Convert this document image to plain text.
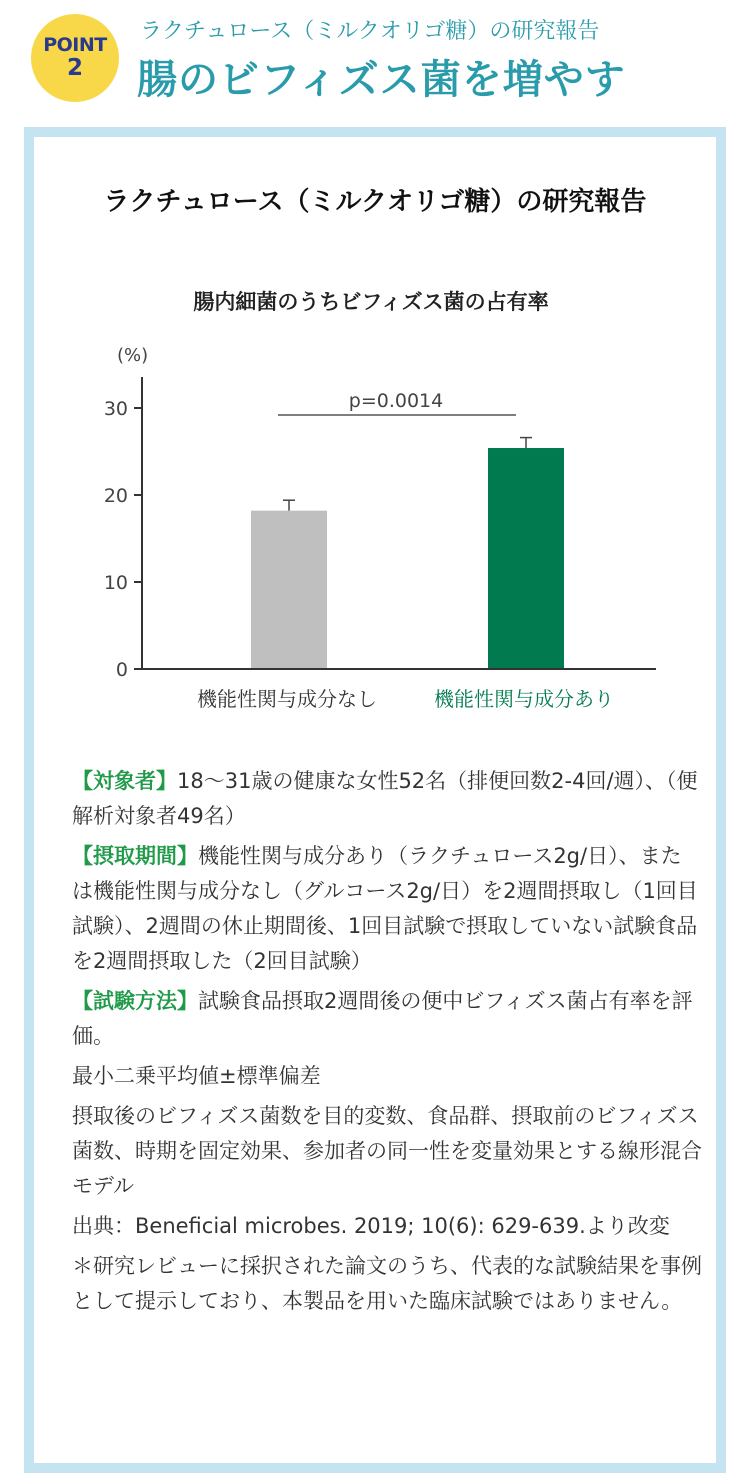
POINT
2
ラクチュロース（ミルクオリゴ糖）の研究報告
腸のビフィズス菌を増やす
ラクチュロース（ミルクオリゴ糖）の研究報告
腸内細菌のうちビフィズス菌の占有率
(%)
0
10
20
30	p=0.0014
機能性関与成分なし	機能性関与成分あり

【対象者】18～31歳の健康な女性52名（排便回数2-4回/週）、（便解析対象者49名）

【摂取期間】機能性関与成分あり（ラクチュロース2g/日）、または機能性関与成分なし（グルコース2g/日）を2週間摂取し（1回目試験）、2週間の休止期間後、1回目試験で摂取していない試験食品を2週間摂取した（2回目試験）

【試験方法】試験食品摂取2週間後の便中ビフィズス菌占有率を評価。

最小二乗平均値±標準偏差

摂取後のビフィズス菌数を目的変数、食品群、摂取前のビフィズス菌数、時期を固定効果、参加者の同一性を変量効果とする線形混合モデル

出典：Beneficial microbes. 2019; 10(6): 629-639.より改変

＊研究レビューに採択された論文のうち、代表的な試験結果を事例として提示しており、本製品を用いた臨床試験ではありません。
